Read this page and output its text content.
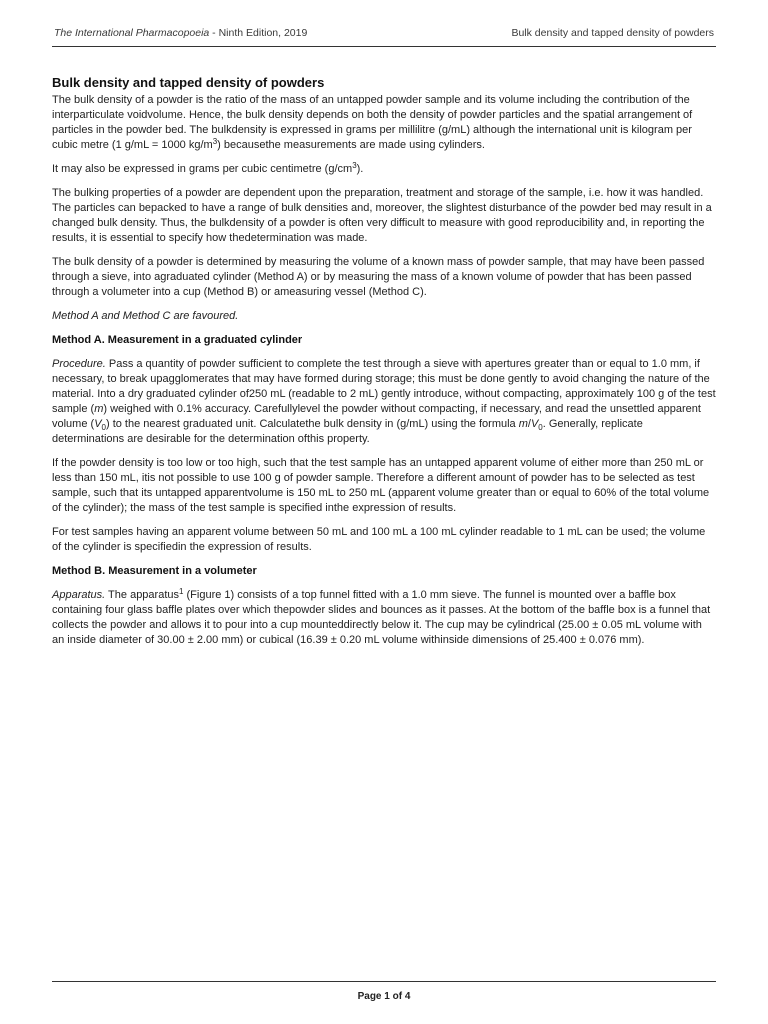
The International Pharmacopoeia - Ninth Edition, 2019	Bulk density and tapped density of powders
Bulk density and tapped density of powders

The bulk density of a powder is the ratio of the mass of an untapped powder sample and its volume including the contribution of the interparticulate voidvolume. Hence, the bulk density depends on both the density of powder particles and the spatial arrangement of particles in the powder bed. The bulkdensity is expressed in grams per millilitre (g/mL) although the international unit is kilogram per cubic metre (1 g/mL = 1000 $kg/m^3$) becausethe measurements are made using cylinders.

It may also be expressed in grams per cubic centimetre $(g/cm^3)$.

The bulking properties of a powder are dependent upon the preparation, treatment and storage of the sample, i.e. how it was handled. The particles can bepacked to have a range of bulk densities and, moreover, the slightest disturbance of the powder bed may result in a changed bulk density. Thus, the bulkdensity of a powder is often very difficult to measure with good reproducibility and, in reporting the results, it is essential to specify how thedetermination was made.

The bulk density of a powder is determined by measuring the volume of a known mass of powder sample, that may have been passed through a sieve, into agraduated cylinder (Method A) or by measuring the mass of a known volume of powder that has been passed through a volumeter into a cup (Method B) or ameasuring vessel (Method C).

Method A and Method C are favoured.

Method A. Measurement in a graduated cylinder

Procedure. Pass a quantity of powder sufficient to complete the test through a sieve with apertures greater than or equal to 1.0 mm, if necessary, to break upagglomerates that may have formed during storage; this must be done gently to avoid changing the nature of the material. Into a dry graduated cylinder of250 mL (readable to 2 mL) gently introduce, without compacting, approximately 100 g of the test sample (m) weighed with 0.1% accuracy. Carefullylevel the powder without compacting, if necessary, and read the unsettled apparent volume $(V_0)$ to the nearest graduated unit. Calculatethe bulk density in (g/mL) using the formula $m/V_0$. Generally, replicate determinations are desirable for the determination ofthis property.

If the powder density is too low or too high, such that the test sample has an untapped apparent volume of either more than 250 mL or less than 150 mL, itis not possible to use 100 g of powder sample. Therefore a different amount of powder has to be selected as test sample, such that its untapped apparentvolume is 150 mL to 250 mL (apparent volume greater than or equal to 60% of the total volume of the cylinder); the mass of the test sample is specified inthe expression of results.

For test samples having an apparent volume between 50 mL and 100 mL a 100 mL cylinder readable to 1 mL can be used; the volume of the cylinder is specifiedin the expression of results.

Method B. Measurement in a volumeter

Apparatus. The apparatus$^1$ (Figure 1) consists of a top funnel fitted with a 1.0 mm sieve. The funnel is mounted over a baffle box containing four glass baffle plates over which thepowder slides and bounces as it passes. At the bottom of the baffle box is a funnel that collects the powder and allows it to pour into a cup mounteddirectly below it. The cup may be cylindrical (25.00 ± 0.05 mL volume with an inside diameter of 30.00 ± 2.00 mm) or cubical (16.39 ± 0.20 mL volume withinside dimensions of 25.400 ± 0.076 mm).

Page 1 of 4
